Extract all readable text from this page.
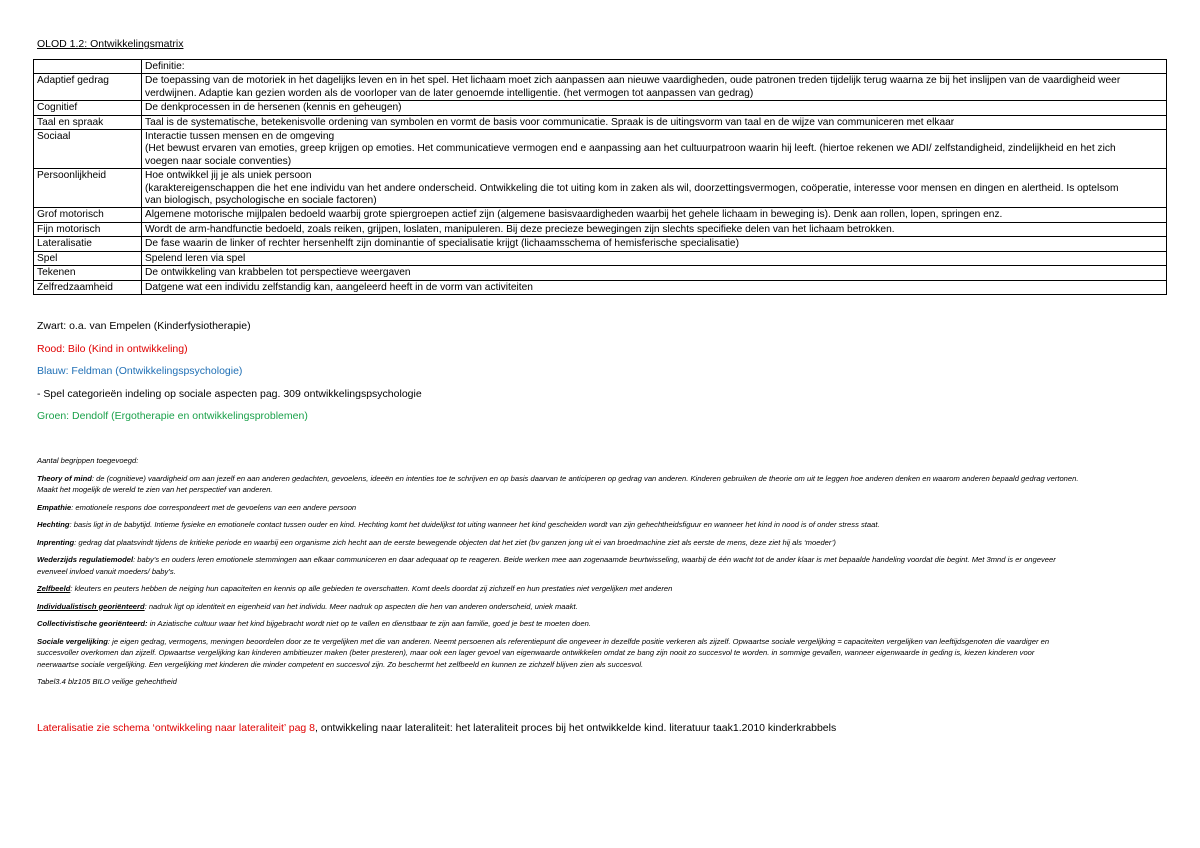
OLOD 1.2: Ontwikkelingsmatrix
	Definitie:
Adaptief gedrag	De toepassing van de motoriek in het dagelijks leven en in het spel. Het lichaam moet zich aanpassen aan nieuwe vaardigheden, oude patronen treden tijdelijk terug waarna ze bij het inslijpen van de vaardigheid weer
verdwijnen. Adaptie kan gezien worden als de voorloper van de later genoemde intelligentie. (het vermogen tot aanpassen van gedrag)

Cognitief	De denkprocessen in de hersenen (kennis en geheugen)

Taal en spraak	Taal is de systematische, betekenisvolle ordening van symbolen en vormt de basis voor communicatie. Spraak is de uitingsvorm van taal en de wijze van communiceren met elkaar

Sociaal	Interactie tussen mensen en de omgeving
(Het bewust ervaren van emoties, greep krijgen op emoties. Het communicatieve vermogen end e aanpassing aan het cultuurpatroon waarin hij leeft. (hiertoe rekenen we ADI/ zelfstandigheid, zindelijkheid en het zich
voegen naar sociale conventies)

Persoonlijkheid	Hoe ontwikkel jij je als uniek persoon
(karaktereigenschappen die het ene individu van het andere onderscheid. Ontwikkeling die tot uiting kom in zaken als wil, doorzettingsvermogen, coöperatie, interesse voor mensen en dingen en alertheid. Is optelsom
van biologisch, psychologische en sociale factoren)

Grof motorisch	Algemene motorische mijlpalen bedoeld waarbij grote spiergroepen actief zijn (algemene basisvaardigheden waarbij het gehele lichaam in beweging is). Denk aan rollen, lopen, springen enz.

Fijn motorisch	Wordt de arm-handfunctie bedoeld, zoals reiken, grijpen, loslaten, manipuleren. Bij deze precieze bewegingen zijn slechts specifieke delen van het lichaam betrokken.

Lateralisatie	De fase waarin de linker of rechter hersenhelft zijn dominantie of specialisatie krijgt (lichaamsschema of hemisferische specialisatie)

Spel	Spelend leren via spel

Tekenen	De ontwikkeling van krabbelen tot perspectieve weergaven

Zelfredzaamheid	Datgene wat een individu zelfstandig kan, aangeleerd heeft in de vorm van activiteiten
Zwart: o.a. van Empelen (Kinderfysiotherapie)
Rood: Bilo (Kind in ontwikkeling)
Blauw: Feldman (Ontwikkelingspsychologie)
- Spel categorieën indeling op sociale aspecten pag. 309 ontwikkelingspsychologie
Groen: Dendolf (Ergotherapie en ontwikkelingsproblemen)

Aantal begrippen toegevoegd:

Theory of mind: de (cognitieve) vaardigheid om aan jezelf en aan anderen gedachten, gevoelens, ideeën en intenties toe te schrijven en op basis daarvan te anticiperen op gedrag van anderen. Kinderen gebruiken de theorie om uit te leggen hoe anderen denken en waarom anderen bepaald gedrag vertonen.
Maakt het mogelijk de wereld te zien van het perspectief van anderen.

Empathie: emotionele respons doe correspondeert met de gevoelens van een andere persoon

Hechting: basis ligt in de babytijd. Intieme fysieke en emotionele contact tussen ouder en kind. Hechting komt het duidelijkst tot uiting wanneer het kind gescheiden wordt van zijn gehechtheidsfiguur en wanneer het kind in nood is of onder stress staat.

Inprenting: gedrag dat plaatsvindt tijdens de kritieke periode en waarbij een organisme zich hecht aan de eerste bewegende objecten dat het ziet (bv ganzen jong uit ei van broedmachine ziet als eerste de mens, deze ziet hij als ‘moeder’)

Wederzijds regulatiemodel: baby’s en ouders leren emotionele stemmingen aan elkaar communiceren en daar adequaat op te reageren. Beide werken mee aan zogenaamde beurtwisseling, waarbij de één wacht tot de ander klaar is met bepaalde handeling voordat die begint. Met 3mnd is er ongeveer
evenveel invloed vanuit moeders/ baby’s.

Zelfbeeld: kleuters en peuters hebben de neiging hun capaciteiten en kennis op alle gebieden te overschatten. Komt deels doordat zij zichzelf en hun prestaties niet vergelijken met anderen

Individualistisch georiënteerd: nadruk ligt op identiteit en eigenheid van het individu. Meer nadruk op aspecten die hen van anderen onderscheid, uniek maakt.

Collectivistische georiënteerd: in Aziatische cultuur waar het kind bijgebracht wordt niet op te vallen en dienstbaar te zijn aan familie, goed je best te moeten doen.

Sociale vergelijking: je eigen gedrag, vermogens, meningen beoordelen door ze te vergelijken met die van anderen. Neemt persoenen als referentiepunt die ongeveer in dezelfde positie verkeren als zijzelf. Opwaartse sociale vergelijking = capaciteiten vergelijken van leeftijdsgenoten die vaardiger en
succesvoller overkomen dan zijzelf. Opwaartse vergelijking kan kinderen ambitieuzer maken (beter presteren), maar ook een lager gevoel van eigenwaarde ontwikkelen omdat ze bang zijn nooit zo succesvol te worden. in sommige gevallen, wanneer eigenwaarde in geding is, kiezen kinderen voor
neerwaartse sociale vergelijking. Een vergelijking met kinderen die minder competent en succesvol zijn. Zo beschermt het zelfbeeld en kunnen ze zichzelf blijven zien als succesvol.

Tabel3.4 blz105 BILO veilige gehechtheid

Lateralisatie zie schema ‘ontwikkeling naar lateraliteit’ pag 8, ontwikkeling naar lateraliteit: het lateraliteit proces bij het ontwikkelde kind. literatuur taak1.2010 kinderkrabbels
